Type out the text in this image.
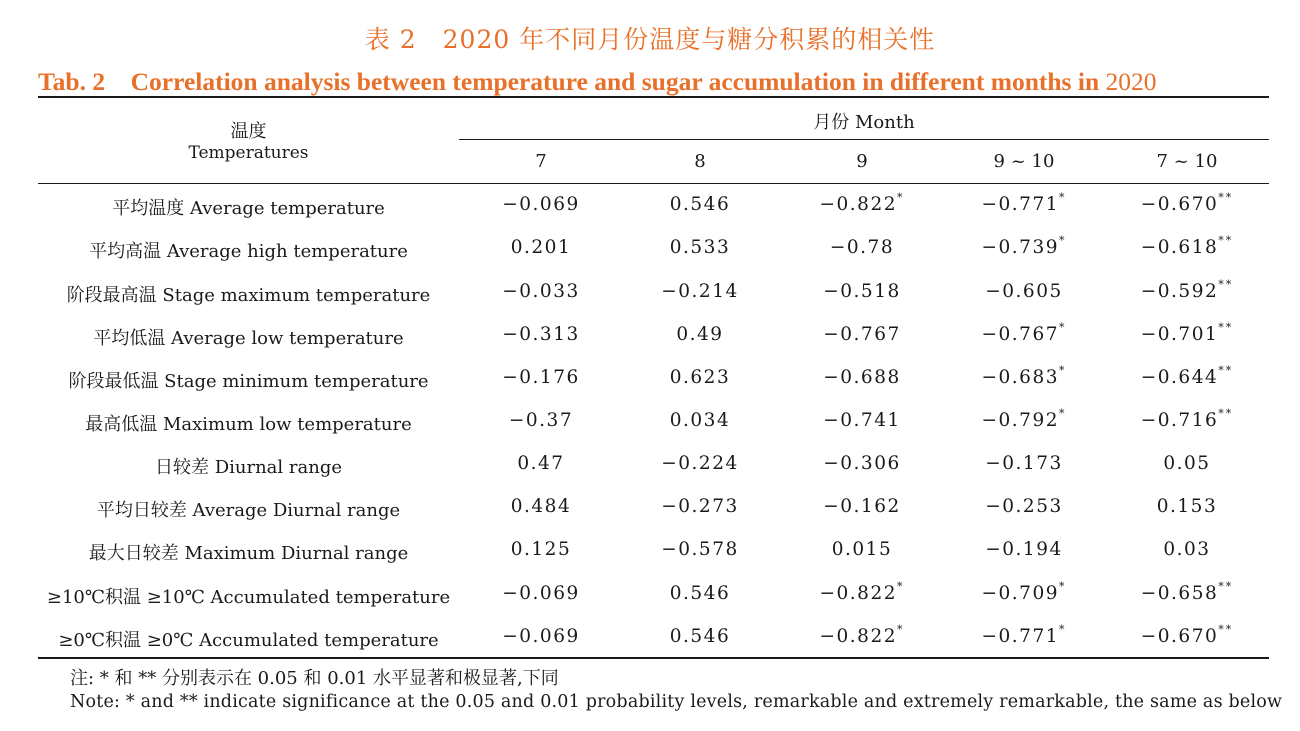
表 2　2020 年不同月份温度与糖分积累的相关性
Tab. 2　Correlation analysis between temperature and sugar accumulation in different months in 2020
温度
Temperatures
月份 Month
7	8	9	9 ~ 10	7 ~ 10
平均温度 Average temperature	−0.069	0.546	−0.822*	−0.771*	−0.670**
平均高温 Average high temperature	0.201	0.533	−0.78	−0.739*	−0.618**
阶段最高温 Stage maximum temperature	−0.033	−0.214	−0.518	−0.605	−0.592**
平均低温 Average low temperature	−0.313	0.49	−0.767	−0.767*	−0.701**
阶段最低温 Stage minimum temperature	−0.176	0.623	−0.688	−0.683*	−0.644**
最高低温 Maximum low temperature	−0.37	0.034	−0.741	−0.792*	−0.716**
日较差 Diurnal range	0.47	−0.224	−0.306	−0.173	0.05
平均日较差 Average Diurnal range	0.484	−0.273	−0.162	−0.253	0.153
最大日较差 Maximum Diurnal range	0.125	−0.578	0.015	−0.194	0.03
≥10℃积温 ≥10℃ Accumulated temperature	−0.069	0.546	−0.822*	−0.709*	−0.658**
≥0℃积温 ≥0℃ Accumulated temperature	−0.069	0.546	−0.822*	−0.771*	−0.670**
注: * 和 ** 分别表示在 0.05 和 0.01 水平显著和极显著,下同
Note: * and ** indicate significance at the 0.05 and 0.01 probability levels, remarkable and extremely remarkable, the same as below
